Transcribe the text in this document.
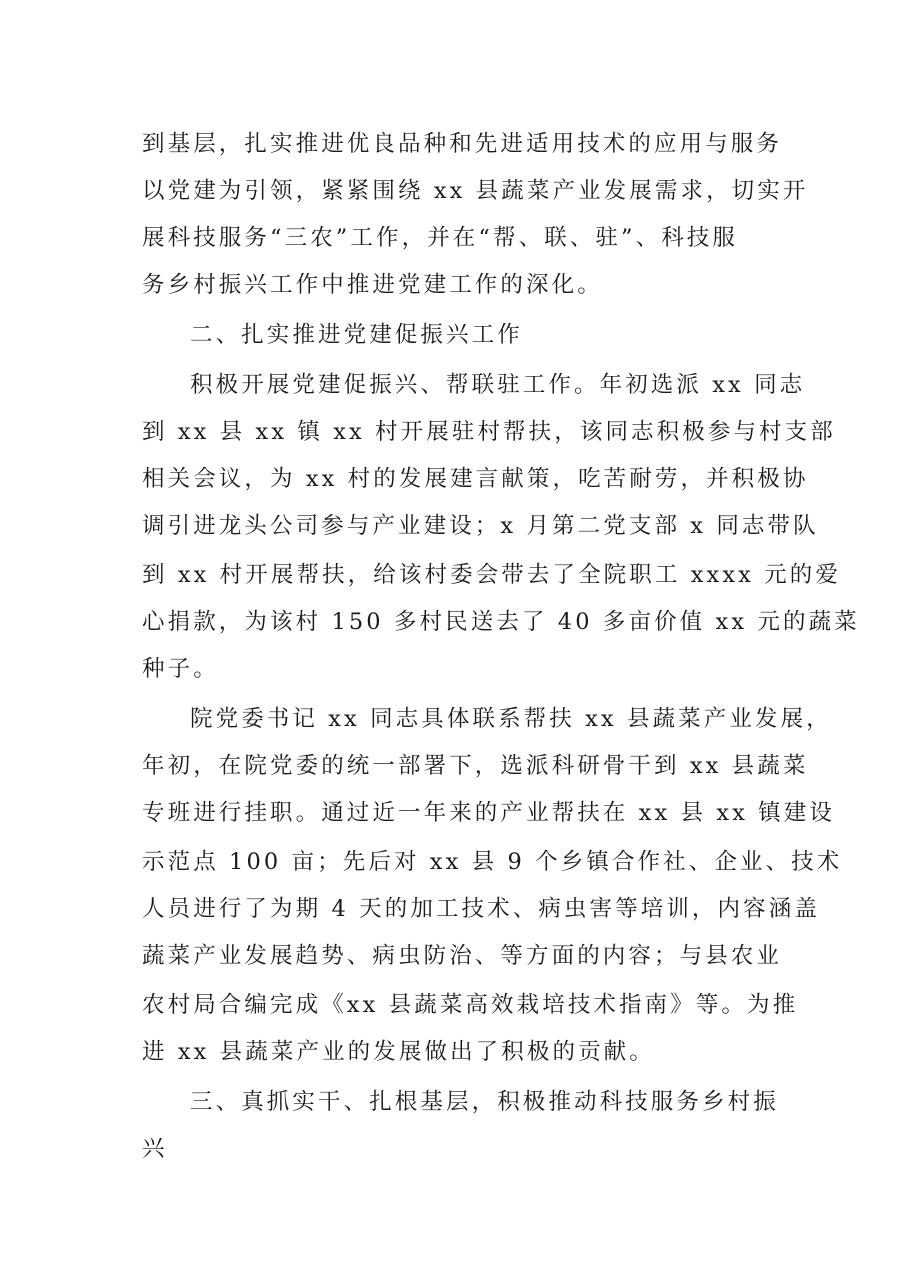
到基层，扎实推进优良品种和先进适用技术的应用与服务

以党建为引领，紧紧围绕 xx 县蔬菜产业发展需求，切实开

展科技服务“三农”工作，并在“帮、联、驻”、科技服

务乡村振兴工作中推进党建工作的深化。

二、扎实推进党建促振兴工作

积极开展党建促振兴、帮联驻工作。年初选派 xx 同志

到 xx 县 xx 镇 xx 村开展驻村帮扶，该同志积极参与村支部

相关会议，为 xx 村的发展建言献策，吃苦耐劳，并积极协

调引进龙头公司参与产业建设；x 月第二党支部 x 同志带队

到 xx 村开展帮扶，给该村委会带去了全院职工 xxxx 元的爱

心捐款，为该村 150 多村民送去了 40 多亩价值 xx 元的蔬菜

种子。

院党委书记 xx 同志具体联系帮扶 xx 县蔬菜产业发展，

年初，在院党委的统一部署下，选派科研骨干到 xx 县蔬菜

专班进行挂职。通过近一年来的产业帮扶在 xx 县 xx 镇建设

示范点 100 亩；先后对 xx 县 9 个乡镇合作社、企业、技术

人员进行了为期 4 天的加工技术、病虫害等培训，内容涵盖

蔬菜产业发展趋势、病虫防治、等方面的内容；与县农业

农村局合编完成《xx 县蔬菜高效栽培技术指南》等。为推

进 xx 县蔬菜产业的发展做出了积极的贡献。

三、真抓实干、扎根基层，积极推动科技服务乡村振

兴
